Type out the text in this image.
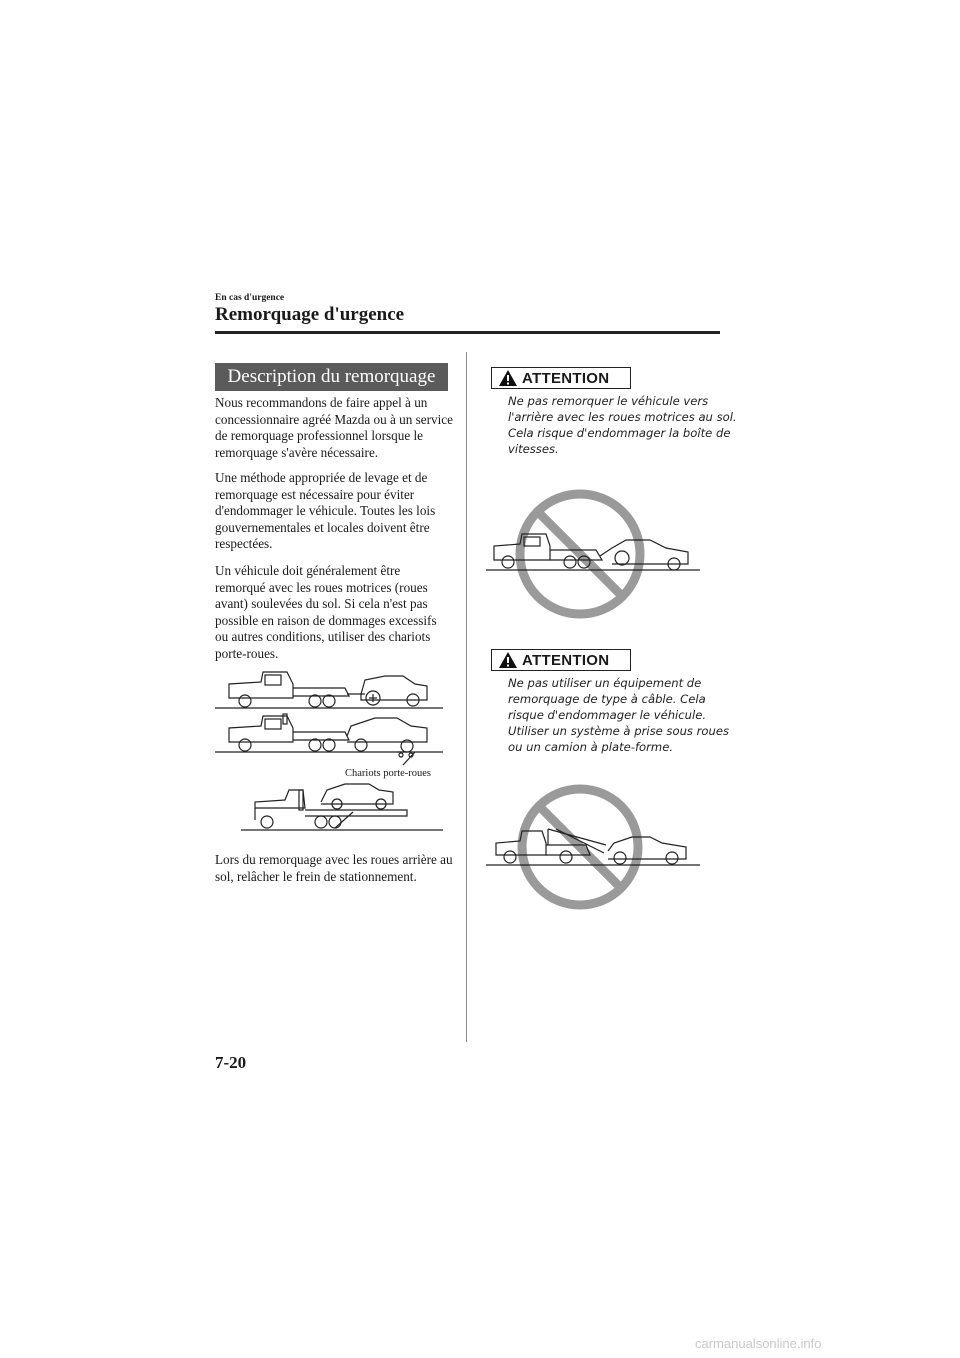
En cas d'urgence
Remorquage d'urgence
Description du remorquage
Nous recommandons de faire appel à un concessionnaire agréé Mazda ou à un service de remorquage professionnel lorsque le remorquage s'avère nécessaire.
Une méthode appropriée de levage et de remorquage est nécessaire pour éviter d'endommager le véhicule. Toutes les lois gouvernementales et locales doivent être respectées.
Un véhicule doit généralement être remorqué avec les roues motrices (roues avant) soulevées du sol. Si cela n'est pas possible en raison de dommages excessifs ou autres conditions, utiliser des chariots porte-roues.
Chariots porte-roues
Lors du remorquage avec les roues arrière au sol, relâcher le frein de stationnement.
ATTENTION
Ne pas remorquer le véhicule vers l'arrière avec les roues motrices au sol. Cela risque d'endommager la boîte de vitesses.
ATTENTION
Ne pas utiliser un équipement de remorquage de type à câble. Cela risque d'endommager le véhicule. Utiliser un système à prise sous roues ou un camion à plate-forme.
7-20
carmanualsonline.info
